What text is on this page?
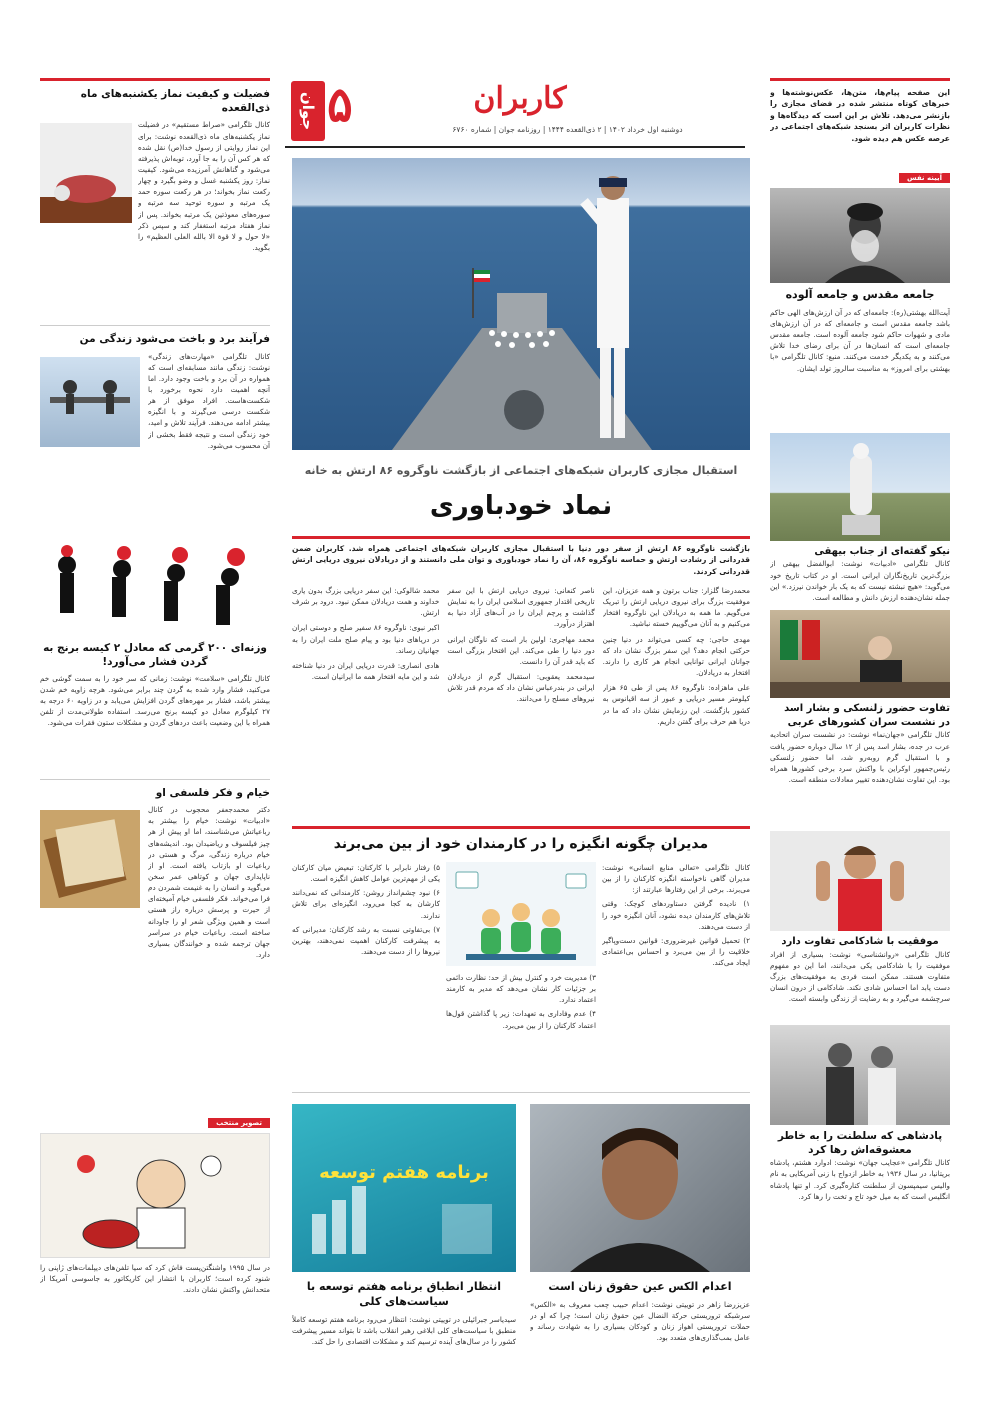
۵
جوان	کاربران
دوشنبه اول خرداد ۱۴۰۲ | ۲ ذی‌القعده ۱۴۴۴ | روزنامه جوان | شماره ۶۷۶۰
این صفحه پیام‌ها، متن‌ها، عکس‌نوشته‌ها و خبرهای کوتاه منتشر شده در فضای مجازی را بازنشر می‌دهد. تلاش بر این است که دیدگاه‌ها و نظرات کاربران اثر بسنجد شبکه‌های اجتماعی در عرصه عکس هم دیده شود.
آیینه نفس
جامعه مقدس و جامعه آلوده
آیت‌الله بهشتی(ره): جامعه‌ای که در آن ارزش‌های الهی حاکم باشد جامعه مقدس است و جامعه‌ای که در آن ارزش‌های مادی و شهوات حاکم شود جامعه آلوده است. جامعه مقدس جامعه‌ای است که انسان‌ها در آن برای رضای خدا تلاش می‌کنند و به یکدیگر خدمت می‌کنند. منبع: کانال تلگرامی «با بهشتی برای امروز» به مناسبت سالروز تولد ایشان.
نیکو گفته‌ای از جناب بیهقی
کانال تلگرامی «ادبیات» نوشت: ابوالفضل بیهقی از بزرگ‌ترین تاریخ‌نگاران ایرانی است. او در کتاب تاریخ خود می‌گوید: «هیچ نبشته نیست که به یک بار خواندن نیرزد.» این جمله نشان‌دهنده ارزش دانش و مطالعه است.
تفاوت حضور زلنسکی و بشار اسد در نشست سران کشورهای عربی
کانال تلگرامی «جهان‌نما» نوشت: در نشست سران اتحادیه عرب در جده، بشار اسد پس از ۱۲ سال دوباره حضور یافت و با استقبال گرم روبه‌رو شد، اما حضور زلنسکی رئیس‌جمهور اوکراین با واکنش سرد برخی کشورها همراه بود. این تفاوت نشان‌دهنده تغییر معادلات منطقه است.
موفقیت با شادکامی تفاوت دارد
کانال تلگرامی «روانشناسی» نوشت: بسیاری از افراد موفقیت را با شادکامی یکی می‌دانند، اما این دو مفهوم متفاوت هستند. ممکن است فردی به موفقیت‌های بزرگ دست یابد اما احساس شادی نکند. شادکامی از درون انسان سرچشمه می‌گیرد و به رضایت از زندگی وابسته است.
پادشاهی که سلطنت را به خاطر معشوقه‌اش رها کرد
کانال تلگرامی «عجایب جهان» نوشت: ادوارد هشتم، پادشاه بریتانیا، در سال ۱۹۳۶ به خاطر ازدواج با زنی آمریکایی به نام والیس سیمپسون از سلطنت کناره‌گیری کرد. او تنها پادشاه انگلیس است که به میل خود تاج و تخت را رها کرد.
فضیلت و کیفیت نماز یکشنبه‌های ماه ذی‌القعده
کانال تلگرامی «صراط مستقیم» در فضیلت نماز یکشنبه‌های ماه ذی‌القعده نوشت: برای این نماز روایتی از رسول خدا(ص) نقل شده که هر کس آن را به جا آورد، توبه‌اش پذیرفته می‌شود و گناهانش آمرزیده می‌شود. کیفیت نماز: روز یکشنبه غسل و وضو بگیرد و چهار رکعت نماز بخواند؛ در هر رکعت سوره حمد یک مرتبه و سوره توحید سه مرتبه و سوره‌های معوذتین یک مرتبه بخواند. پس از نماز هفتاد مرتبه استغفار کند و سپس ذکر «لا حول و لا قوة الا بالله العلی العظیم» را بگوید.
فرآیند برد و باخت می‌شود زندگی‌ من
کانال تلگرامی «مهارت‌های زندگی» نوشت: زندگی مانند مسابقه‌ای است که همواره در آن برد و باخت وجود دارد. اما آنچه اهمیت دارد نحوه برخورد با شکست‌هاست. افراد موفق از هر شکست درسی می‌گیرند و با انگیزه بیشتر ادامه می‌دهند. فرآیند تلاش و امید، خود زندگی است و نتیجه فقط بخشی از آن محسوب می‌شود.
وزنه‌ای ۲۰۰ گرمی که معادل ۲ کیسه برنج به گردن فشار می‌آورد!
کانال تلگرامی «سلامت» نوشت: زمانی که سر خود را به سمت گوشی خم می‌کنید، فشار وارد شده به گردن چند برابر می‌شود. هرچه زاویه خم شدن بیشتر باشد، فشار بر مهره‌های گردن افزایش می‌یابد و در زاویه ۶۰ درجه به ۲۷ کیلوگرم معادل دو کیسه برنج می‌رسد. استفاده طولانی‌مدت از تلفن همراه با این وضعیت باعث دردهای گردن و مشکلات ستون فقرات می‌شود.
خیام و فکر فلسفی او
دکتر محمدجعفر محجوب در کانال «ادبیات» نوشت: خیام را بیشتر به رباعیاتش می‌شناسند، اما او پیش از هر چیز فیلسوف و ریاضیدان بود. اندیشه‌های خیام درباره زندگی، مرگ و هستی در رباعیات او بازتاب یافته است. او از ناپایداری جهان و کوتاهی عمر سخن می‌گوید و انسان را به غنیمت شمردن دم فرا می‌خواند. فکر فلسفی خیام آمیخته‌ای از حیرت و پرسش درباره راز هستی است و همین ویژگی شعر او را جاودانه ساخته است. رباعیات خیام در سراسر جهان ترجمه شده و خوانندگان بسیاری دارد.
تصویر منتخب
در سال ۱۹۹۵ واشنگتن‌پست فاش کرد که سیا تلفن‌های دیپلمات‌های ژاپنی را شنود کرده است؛ کاربران با انتشار این کاریکاتور به جاسوسی آمریکا از متحدانش واکنش نشان دادند.
استقبال مجازی کاربران شبکه‌های اجتماعی از بازگشت ناوگروه ۸۶ ارتش به خانه
نماد خودباوری
بازگشت ناوگروه ۸۶ ارتش از سفر دور دنیا با استقبال مجازی کاربران شبکه‌های اجتماعی همراه شد. کاربران ضمن قدردانی از رشادت ارتش و حماسه ناوگروه ۸۶، آن را نماد خودباوری و توان ملی دانستند و از دریادلان نیروی دریایی ارتش قدردانی کردند.

محمدرضا گلزار: جناب برتون و همه عزیزان، این موفقیت بزرگ برای نیروی دریایی ارتش را تبریک می‌گویم. ما همه به دریادلان این ناوگروه افتخار می‌کنیم و به آنان می‌گوییم خسته نباشید.

مهدی حاجی: چه کسی می‌تواند در دنیا چنین حرکتی انجام دهد؟ این سفر بزرگ نشان داد که جوانان ایرانی توانایی انجام هر کاری را دارند. افتخار به دریادلان.

علی ماهزاده: ناوگروه ۸۶ پس از طی ۶۵ هزار کیلومتر مسیر دریایی و عبور از سه اقیانوس به کشور بازگشت. این رزمایش نشان داد که ما در دریا هم حرف برای گفتن داریم.

ناصر کنعانی: نیروی دریایی ارتش با این سفر تاریخی اقتدار جمهوری اسلامی ایران را به نمایش گذاشت و پرچم ایران را در آب‌های آزاد دنیا به اهتزاز درآورد.

محمد مهاجری: اولین بار است که ناوگان ایرانی دور دنیا را طی می‌کند. این افتخار بزرگی است که باید قدر آن را دانست.

سیدمحمد یعقوبی: استقبال گرم از دریادلان ایرانی در بندرعباس نشان داد که مردم قدر تلاش نیروهای مسلح را می‌دانند.

محمد شالوکی: این سفر دریایی بزرگ بدون یاری خداوند و همت دریادلان ممکن نبود. درود بر شرف ارتش.

اکبر نبوی: ناوگروه ۸۶ سفیر صلح و دوستی ایران در دریاهای دنیا بود و پیام صلح ملت ایران را به جهانیان رساند.

هادی انصاری: قدرت دریایی ایران در دنیا شناخته شد و این مایه افتخار همه ما ایرانیان است.

مدیران چگونه انگیزه را در کارمندان خود از بین می‌برند

کانال تلگرامی «تعالی منابع انسانی» نوشت: مدیران گاهی ناخواسته انگیزه کارکنان را از بین می‌برند. برخی از این رفتارها عبارتند از:

۱) نادیده گرفتن دستاوردهای کوچک: وقتی تلاش‌های کارمندان دیده نشود، آنان انگیزه خود را از دست می‌دهند.

۲) تحمیل قوانین غیرضروری: قوانین دست‌وپاگیر خلاقیت را از بین می‌برد و احساس بی‌اعتمادی ایجاد می‌کند.

۳) مدیریت خرد و کنترل بیش از حد: نظارت دائمی بر جزئیات کار نشان می‌دهد که مدیر به کارمند اعتماد ندارد.

۴) عدم وفاداری به تعهدات: زیر پا گذاشتن قول‌ها اعتماد کارکنان را از بین می‌برد.

۵) رفتار نابرابر با کارکنان: تبعیض میان کارکنان یکی از مهم‌ترین عوامل کاهش انگیزه است.

۶) نبود چشم‌انداز روشن: کارمندانی که نمی‌دانند کارشان به کجا می‌رود، انگیزه‌ای برای تلاش ندارند.

۷) بی‌تفاوتی نسبت به رشد کارکنان: مدیرانی که به پیشرفت کارکنان اهمیت نمی‌دهند، بهترین نیروها را از دست می‌دهند.

اعدام الکس عین حقوق زنان است
عزیزرضا زاهر در توییتی نوشت: اعدام حبیب چعب معروف به «الکس» سرشبکه تروریستی حرکة النضال عین حقوق زنان است؛ چرا که او در حملات تروریستی اهواز زنان و کودکان بسیاری را به شهادت رساند و عامل بمب‌گذاری‌های متعدد بود.
برنامه هفتم توسعه
انتظار انطباق برنامه هفتم توسعه با سیاست‌های کلی
سیدیاسر جبرائیلی در توییتی نوشت: انتظار می‌رود برنامه هفتم توسعه کاملاً منطبق با سیاست‌های کلی ابلاغی رهبر انقلاب باشد تا بتواند مسیر پیشرفت کشور را در سال‌های آینده ترسیم کند و مشکلات اقتصادی را حل کند.
